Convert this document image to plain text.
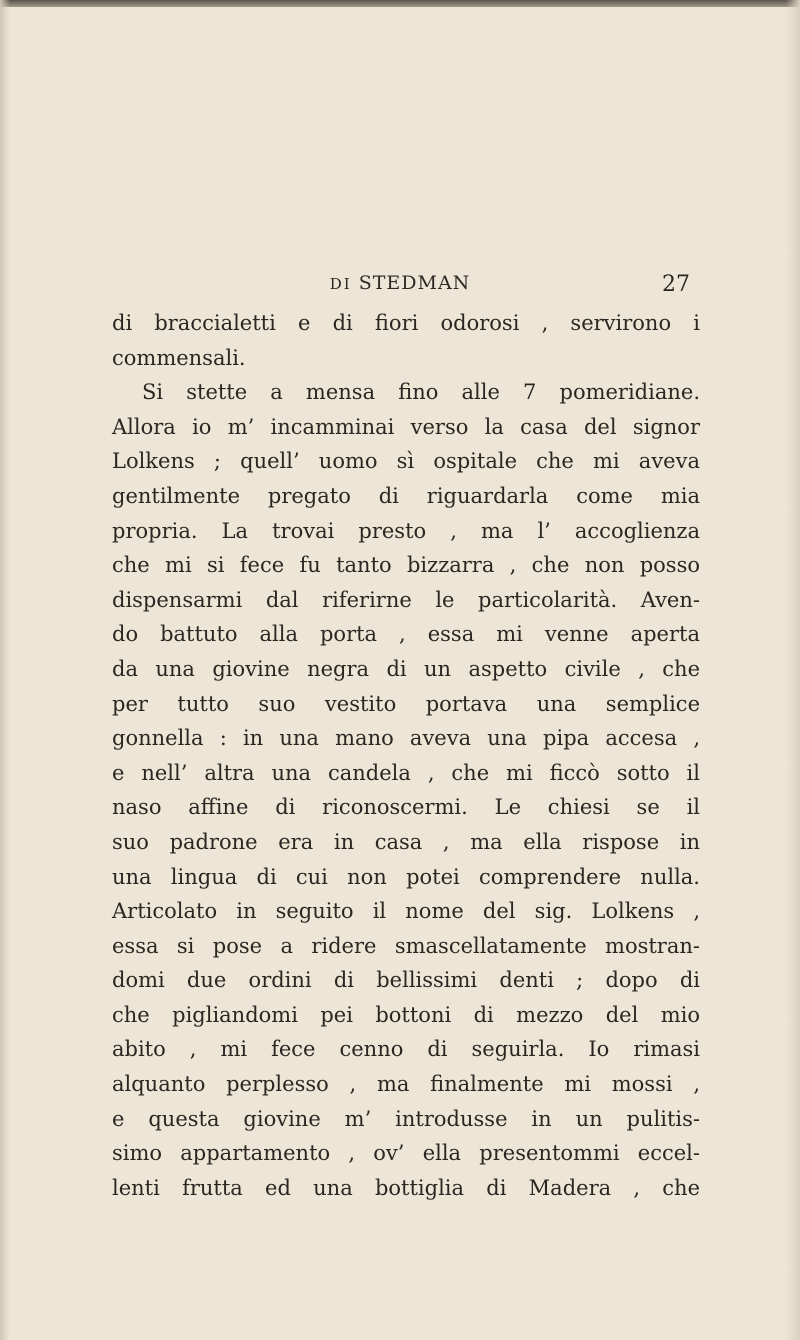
DI STEDMAN	27
di braccialetti e di fiori odorosi , servirono i
commensali.
Si stette a mensa fino alle 7 pomeridiane.
Allora io m’ incamminai verso la casa del signor
Lolkens ; quell’ uomo sì ospitale che mi aveva
gentilmente pregato di riguardarla come mia
propria. La trovai presto , ma l’ accoglienza
che mi si fece fu tanto bizzarra , che non posso
dispensarmi dal riferirne le particolarità. Aven-
do battuto alla porta , essa mi venne aperta
da una giovine negra di un aspetto civile , che
per tutto suo vestito portava una semplice
gonnella : in una mano aveva una pipa accesa ,
e nell’ altra una candela , che mi ficcò sotto il
naso affine di riconoscermi. Le chiesi se il
suo padrone era in casa , ma ella rispose in
una lingua di cui non potei comprendere nulla.
Articolato in seguito il nome del sig. Lolkens ,
essa si pose a ridere smascellatamente mostran-
domi due ordini di bellissimi denti ; dopo di
che pigliandomi pei bottoni di mezzo del mio
abito , mi fece cenno di seguirla. Io rimasi
alquanto perplesso , ma finalmente mi mossi ,
e questa giovine m’ introdusse in un pulitis-
simo appartamento , ov’ ella presentommi eccel-
lenti frutta ed una bottiglia di Madera , che
